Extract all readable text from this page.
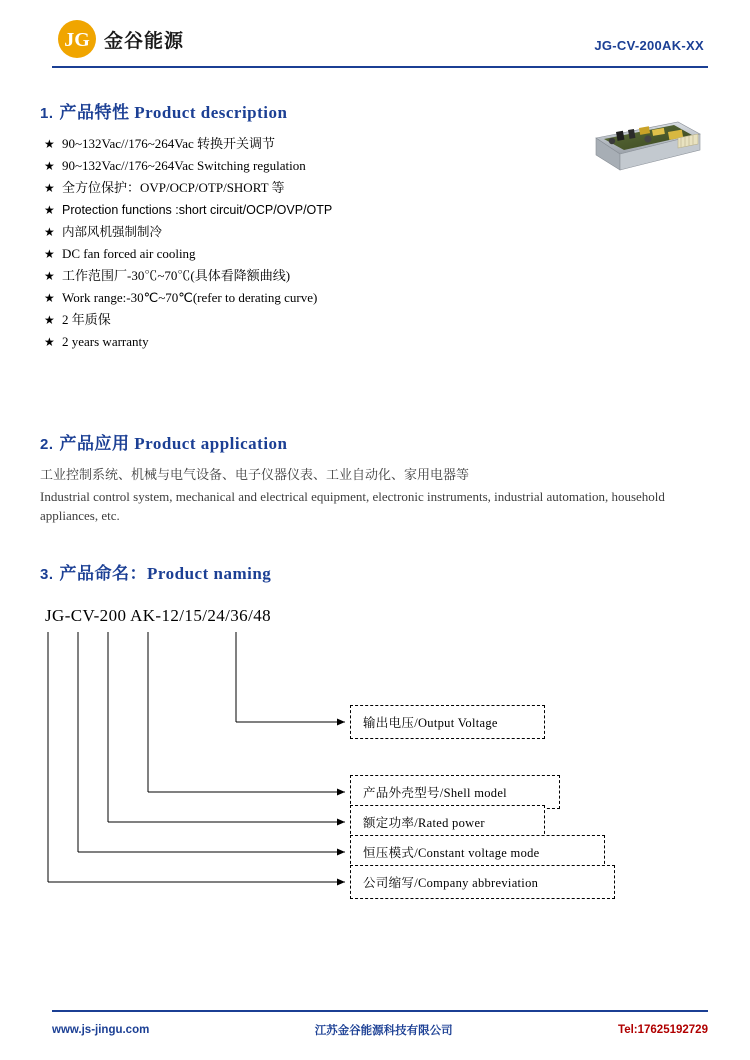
JG 金谷能源	JG-CV-200AK-XX
1. 产品特性 Product description
★ 90~132Vac//176~264Vac 转换开关调节
★ 90~132Vac//176~264Vac Switching regulation
★ 全方位保护：OVP/OCP/OTP/SHORT 等
★ Protection functions :short circuit/OCP/OVP/OTP
★ 内部风机强制制冷
★ DC fan forced air cooling
★ 工作范围厂-30℃~70℃(具体看降额曲线)
★ Work range:-30℃~70℃(refer to derating curve)
★ 2 年质保
★ 2 years warranty
2. 产品应用 Product application
工业控制系统、机械与电气设备、电子仪器仪表、工业自动化、家用电器等
Industrial control system, mechanical and electrical equipment, electronic instruments, industrial automation, household appliances, etc.
3. 产品命名：Product naming
JG-CV-200 AK-12/15/24/36/48
输出电压/Output Voltage
产品外壳型号/Shell model
额定功率/Rated power
恒压模式/Constant voltage mode
公司缩写/Company abbreviation
www.js-jingu.com	江苏金谷能源科技有限公司	Tel:17625192729
